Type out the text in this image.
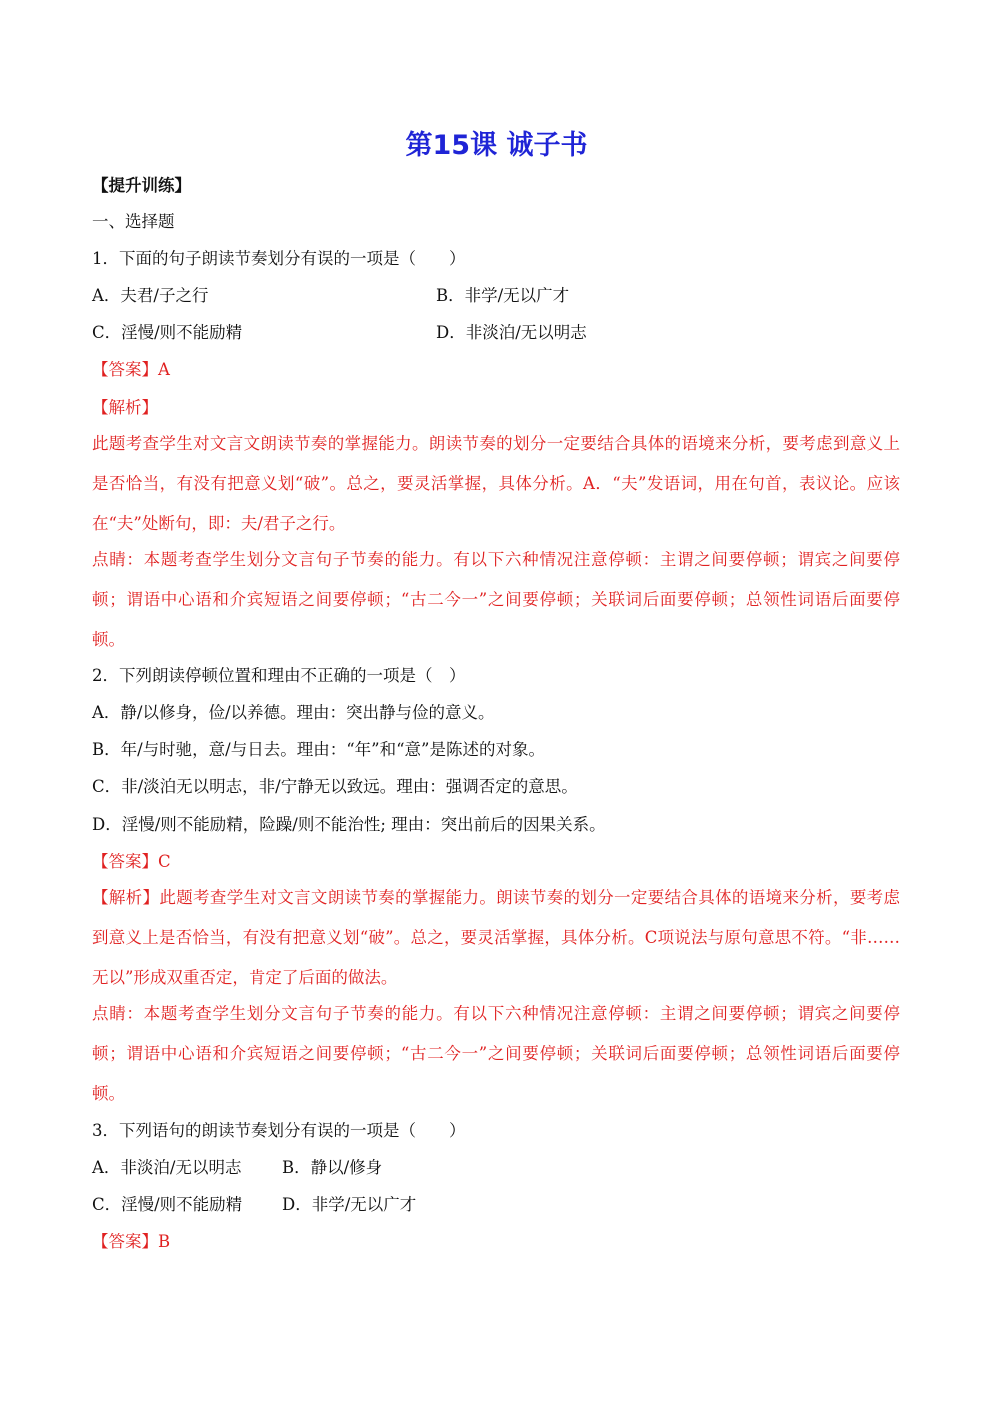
第15课 诚子书
【提升训练】
一、选择题
1．下面的句子朗读节奏划分有误的一项是（　　）
A．夫君/子之行	B．非学/无以广才
C．淫慢/则不能励精	D．非淡泊/无以明志
【答案】A
【解析】
此题考查学生对文言文朗读节奏的掌握能力。朗读节奏的划分一定要结合具体的语境来分析，要考虑到意义上是否恰当，有没有把意义划“破”。总之，要灵活掌握，具体分析。A．“夫”发语词，用在句首，表议论。应该在“夫”处断句，即：夫/君子之行。
点睛：本题考查学生划分文言句子节奏的能力。有以下六种情况注意停顿：主谓之间要停顿；谓宾之间要停顿；谓语中心语和介宾短语之间要停顿；“古二今一”之间要停顿；关联词后面要停顿；总领性词语后面要停顿。
2．下列朗读停顿位置和理由不正确的一项是（　）
A．静/以修身，俭/以养德。理由：突出静与俭的意义。
B．年/与时驰，意/与日去。理由：“年”和“意”是陈述的对象。
C．非/淡泊无以明志，非/宁静无以致远。理由：强调否定的意思。
D．淫慢/则不能励精，险躁/则不能治性; 理由：突出前后的因果关系。
【答案】C
【解析】此题考查学生对文言文朗读节奏的掌握能力。朗读节奏的划分一定要结合具体的语境来分析，要考虑到意义上是否恰当，有没有把意义划“破”。总之，要灵活掌握，具体分析。C项说法与原句意思不符。“非……无以”形成双重否定，肯定了后面的做法。
点睛：本题考查学生划分文言句子节奏的能力。有以下六种情况注意停顿：主谓之间要停顿；谓宾之间要停顿；谓语中心语和介宾短语之间要停顿；“古二今一”之间要停顿；关联词后面要停顿；总领性词语后面要停顿。
3．下列语句的朗读节奏划分有误的一项是（　　）
A．非淡泊/无以明志 B．静以/修身
C．淫慢/则不能励精 D．非学/无以广才
【答案】B
